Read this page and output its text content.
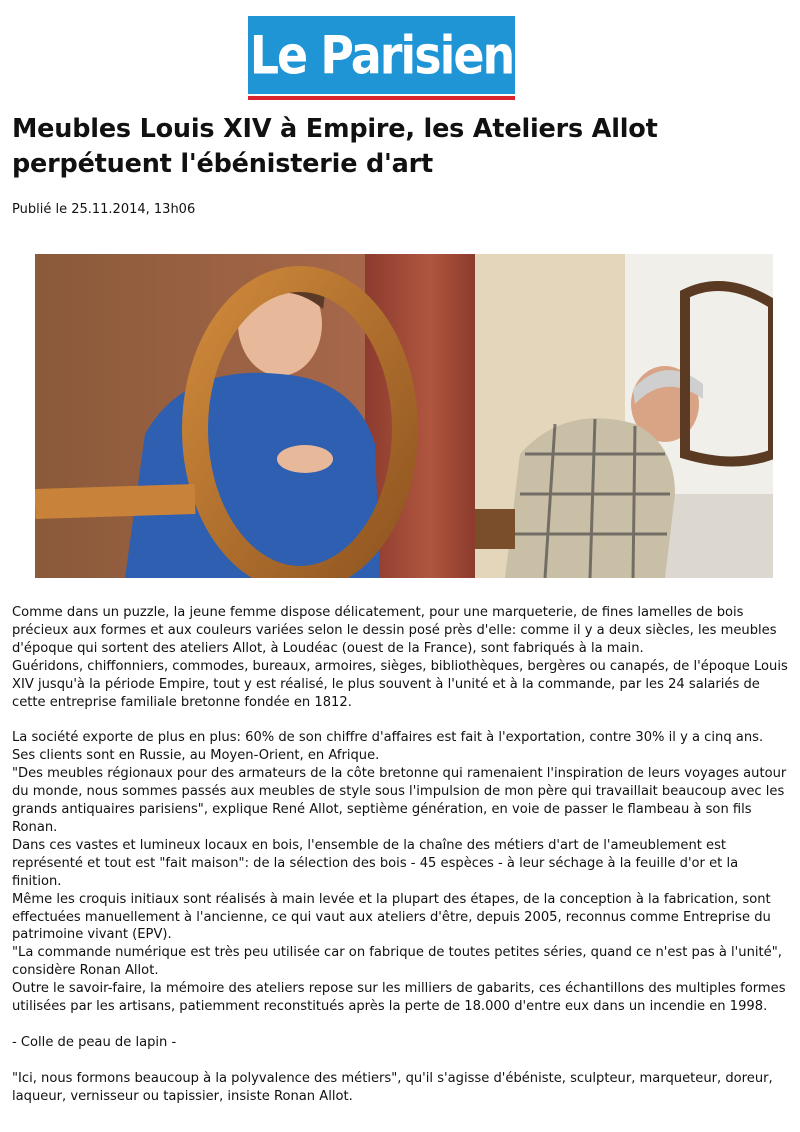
Le Parisien
Meubles Louis XIV à Empire, les Ateliers Allot perpétuent l'ébénisterie d'art
Publié le 25.11.2014, 13h06

Comme dans un puzzle, la jeune femme dispose délicatement, pour une marqueterie, de fines lamelles de bois précieux aux formes et aux couleurs variées selon le dessin posé près d'elle: comme il y a deux siècles, les meubles d'époque qui sortent des ateliers Allot, à Loudéac (ouest de la France), sont fabriqués à la main.

Guéridons, chiffonniers, commodes, bureaux, armoires, sièges, bibliothèques, bergères ou canapés, de l'époque Louis XIV jusqu'à la période Empire, tout y est réalisé, le plus souvent à l'unité et à la commande, par les 24 salariés de cette entreprise familiale bretonne fondée en 1812.

La société exporte de plus en plus: 60% de son chiffre d'affaires est fait à l'exportation, contre 30% il y a cinq ans. Ses clients sont en Russie, au Moyen-Orient, en Afrique.

"Des meubles régionaux pour des armateurs de la côte bretonne qui ramenaient l'inspiration de leurs voyages autour du monde, nous sommes passés aux meubles de style sous l'impulsion de mon père qui travaillait beaucoup avec les grands antiquaires parisiens", explique René Allot, septième génération, en voie de passer le flambeau à son fils Ronan.

Dans ces vastes et lumineux locaux en bois, l'ensemble de la chaîne des métiers d'art de l'ameublement est représenté et tout est "fait maison": de la sélection des bois - 45 espèces - à leur séchage à la feuille d'or et la finition.

Même les croquis initiaux sont réalisés à main levée et la plupart des étapes, de la conception à la fabrication, sont effectuées manuellement à l'ancienne, ce qui vaut aux ateliers d'être, depuis 2005, reconnus comme Entreprise du patrimoine vivant (EPV).

"La commande numérique est très peu utilisée car on fabrique de toutes petites séries, quand ce n'est pas à l'unité", considère Ronan Allot.

Outre le savoir-faire, la mémoire des ateliers repose sur les milliers de gabarits, ces échantillons des multiples formes utilisées par les artisans, patiemment reconstitués après la perte de 18.000 d'entre eux dans un incendie en 1998.

- Colle de peau de lapin -

"Ici, nous formons beaucoup à la polyvalence des métiers", qu'il s'agisse d'ébéniste, sculpteur, marqueteur, doreur, laqueur, vernisseur ou tapissier, insiste Ronan Allot.
